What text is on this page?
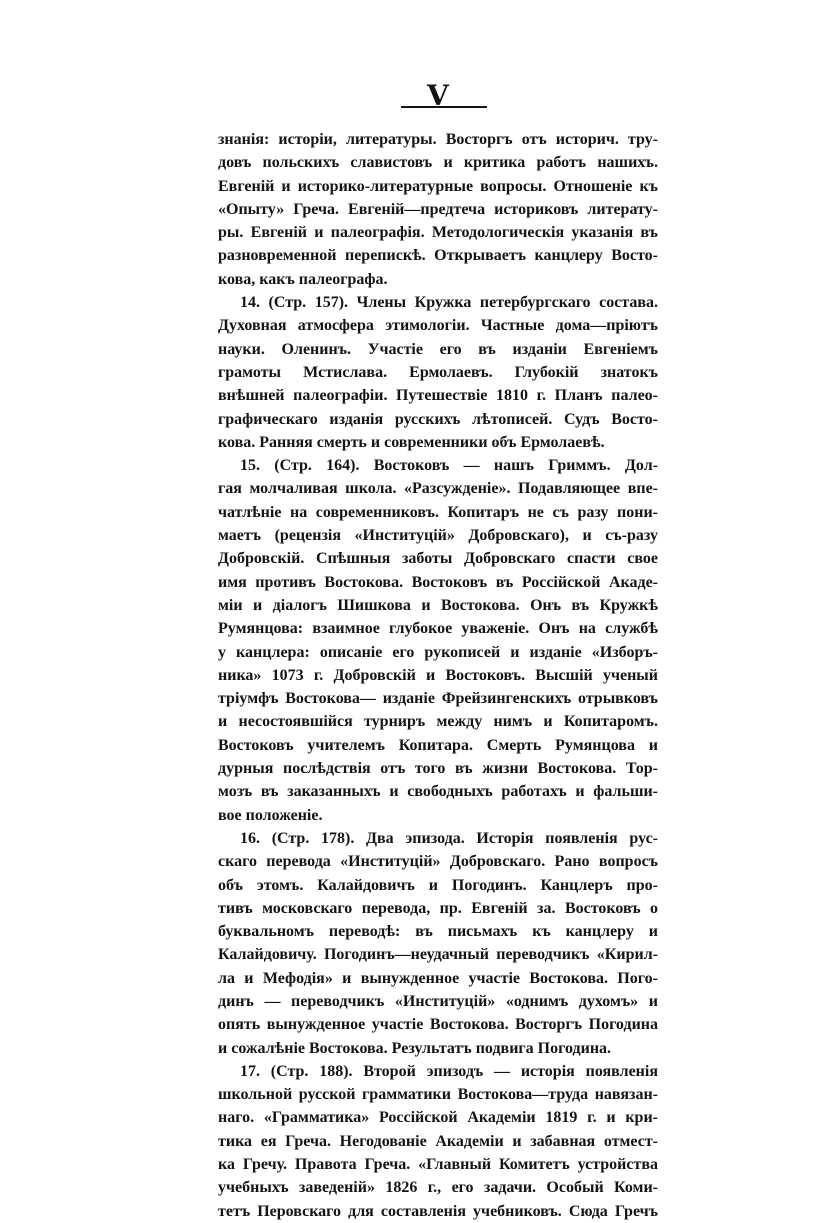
V
знанія: исторіи, литературы. Восторгъ отъ историч. тру-
довъ польскихъ славистовъ и критика работъ нашихъ.
Евгеній и историко-литературные вопросы. Отношеніе къ
«Опыту» Греча. Евгеній—предтеча историковъ литерату-
ры. Евгеній и палеографія. Методологическія указанія въ
разновременной перепискѣ. Открываетъ канцлеру Восто-
кова, какъ палеографа.
14. (Стр. 157). Члены Кружка петербургскаго состава.
Духовная атмосфера этимологіи. Частные дома—пріютъ
науки. Оленинъ. Участіе его въ изданіи Евгеніемъ
грамоты Мстислава. Ермолаевъ. Глубокій знатокъ
внѣшней палеографіи. Путешествіе 1810 г. Планъ палео-
графическаго изданія русскихъ лѣтописей. Судъ Восто-
кова. Ранняя смерть и современники объ Ермолаевѣ.
15. (Стр. 164). Востоковъ — нашъ Гриммъ. Дол-
гая молчаливая школа. «Разсужденіе». Подавляющее впе-
чатлѣніе на современниковъ. Копитаръ не съ разу пони-
маетъ (рецензія «Институцій» Добровскаго), и съ-разу
Добровскій. Спѣшныя заботы Добровскаго спасти свое
имя противъ Востокова. Востоковъ въ Россійской Акаде-
міи и діалогъ Шишкова и Востокова. Онъ въ Кружкѣ
Румянцова: взаимное глубокое уваженіе. Онъ на службѣ
у канцлера: описаніе его рукописей и изданіе «Изборъ-
ника» 1073 г. Добровскій и Востоковъ. Высшій ученый
тріумфъ Востокова— изданіе Фрейзингенскихъ отрывковъ
и несостоявшійся турниръ между нимъ и Копитаромъ.
Востоковъ учителемъ Копитара. Смерть Румянцова и
дурныя послѣдствія отъ того въ жизни Востокова. Тор-
мозъ въ заказанныхъ и свободныхъ работахъ и фальши-
вое положеніе.
16. (Стр. 178). Два эпизода. Исторія появленія рус-
скаго перевода «Институцій» Добровскаго. Рано вопросъ
объ этомъ. Калайдовичъ и Погодинъ. Канцлеръ про-
тивъ московскаго перевода, пр. Евгеній за. Востоковъ о
буквальномъ переводѣ: въ письмахъ къ канцлеру и
Калайдовичу. Погодинъ—неудачный переводчикъ «Кирил-
ла и Мефодія» и вынужденное участіе Востокова. Пого-
динъ — переводчикъ «Институцій» «однимъ духомъ» и
опять вынужденное участіе Востокова. Восторгъ Погодина
и сожалѣніе Востокова. Результатъ подвига Погодина.
17. (Стр. 188). Второй эпизодъ — исторія появленія
школьной русской грамматики Востокова—труда навязан-
наго. «Грамматика» Россійской Академіи 1819 г. и кри-
тика ея Греча. Негодованіе Академіи и забавная отмест-
ка Гречу. Правота Греча. «Главный Комитетъ устройства
учебныхъ заведеній» 1826 г., его задачи. Особый Коми-
тетъ Перовскаго для составленія учебниковъ. Сюда Гречъ
